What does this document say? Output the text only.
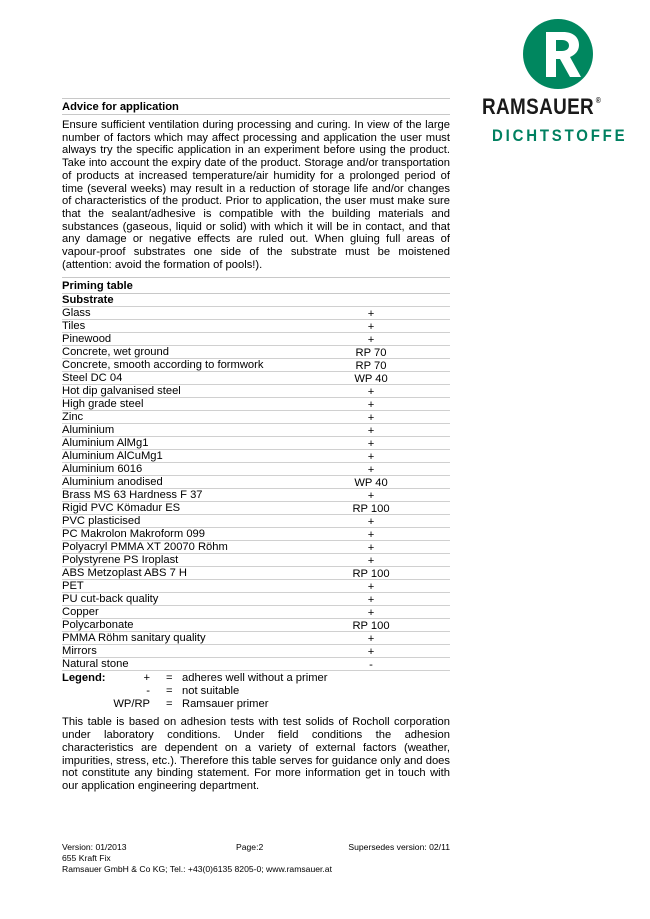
RAMSAUER ®
DICHTSTOFFE
Advice for application
Ensure sufficient ventilation during processing and curing. In view of the large number of factors which may affect processing and application the user must always try the specific application in an experiment before using the product. Take into account the expiry date of the product. Storage and/or transportation of products at increased temperature/air humidity for a prolonged period of time (several weeks) may result in a reduction of storage life and/or changes of characteristics of the product. Prior to application, the user must make sure that the sealant/adhesive is compatible with the building materials and substances (gaseous, liquid or solid) with which it will be in contact, and that any damage or negative effects are ruled out. When gluing full areas of vapour-proof substrates one side of the substrate must be moistened (attention: avoid the formation of pools!).
Priming table
Substrate
Glass	+
Tiles	+
Pinewood	+
Concrete, wet ground	RP 70
Concrete, smooth according to formwork	RP 70
Steel DC 04	WP 40
Hot dip galvanised steel	+
High grade steel	+
Zinc	+
Aluminium	+
Aluminium AlMg1	+
Aluminium AlCuMg1	+
Aluminium 6016	+
Aluminium anodised	WP 40
Brass MS 63 Hardness F 37	+
Rigid PVC Kömadur ES	RP 100
PVC plasticised	+
PC Makrolon Makroform 099	+
Polyacryl PMMA XT 20070 Röhm	+
Polystyrene PS Iroplast	+
ABS Metzoplast ABS 7 H	RP 100
PET	+
PU cut-back quality	+
Copper	+
Polycarbonate	RP 100
PMMA Röhm sanitary quality	+
Mirrors	+
Natural stone	-
Legend:	+ = adheres well without a primer
- = not suitable
WP/RP = Ramsauer primer
This table is based on adhesion tests with test solids of Rocholl corporation under laboratory conditions. Under field conditions the adhesion characteristics are dependent on a variety of external factors (weather, impurities, stress, etc.). Therefore this table serves for guidance only and does not constitute any binding statement. For more information get in touch with our application engineering department.
Version: 01/2013	Page:2	Supersedes version: 02/11
655 Kraft Fix
Ramsauer GmbH & Co KG; Tel.: +43(0)6135 8205-0; www.ramsauer.at
